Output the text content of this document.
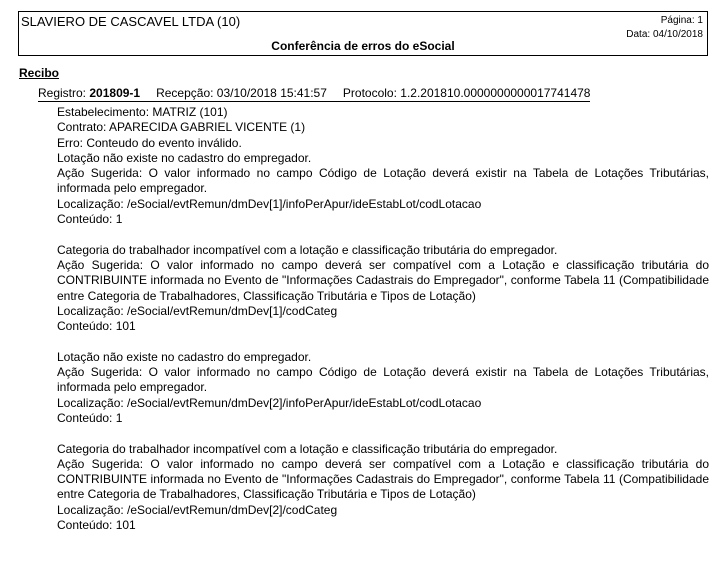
SLAVIERO DE CASCAVEL LTDA (10)	Página: 1
Data: 04/10/2018
Conferência de erros do eSocial
Recibo
Registro: 201809-1 Recepção: 03/10/2018 15:41:57 Protocolo: 1.2.201810.0000000000017741478

Estabelecimento: MATRIZ (101)

Contrato: APARECIDA GABRIEL VICENTE (1)

Erro: Conteudo do evento inválido.

Lotação não existe no cadastro do empregador.

Ação Sugerida: O valor informado no campo Código de Lotação deverá existir na Tabela de Lotações Tributárias, informada pelo empregador.

Localização: /eSocial/evtRemun/dmDev[1]/infoPerApur/ideEstabLot/codLotacao

Conteúdo: 1

Categoria do trabalhador incompatível com a lotação e classificação tributária do empregador.

Ação Sugerida: O valor informado no campo deverá ser compatível com a Lotação e classificação tributária do CONTRIBUINTE informada no Evento de "Informações Cadastrais do Empregador", conforme Tabela 11 (Compatibilidade entre Categoria de Trabalhadores, Classificação Tributária e Tipos de Lotação)

Localização: /eSocial/evtRemun/dmDev[1]/codCateg

Conteúdo: 101

Lotação não existe no cadastro do empregador.

Ação Sugerida: O valor informado no campo Código de Lotação deverá existir na Tabela de Lotações Tributárias, informada pelo empregador.

Localização: /eSocial/evtRemun/dmDev[2]/infoPerApur/ideEstabLot/codLotacao

Conteúdo: 1

Categoria do trabalhador incompatível com a lotação e classificação tributária do empregador.

Ação Sugerida: O valor informado no campo deverá ser compatível com a Lotação e classificação tributária do CONTRIBUINTE informada no Evento de "Informações Cadastrais do Empregador", conforme Tabela 11 (Compatibilidade entre Categoria de Trabalhadores, Classificação Tributária e Tipos de Lotação)

Localização: /eSocial/evtRemun/dmDev[2]/codCateg

Conteúdo: 101
